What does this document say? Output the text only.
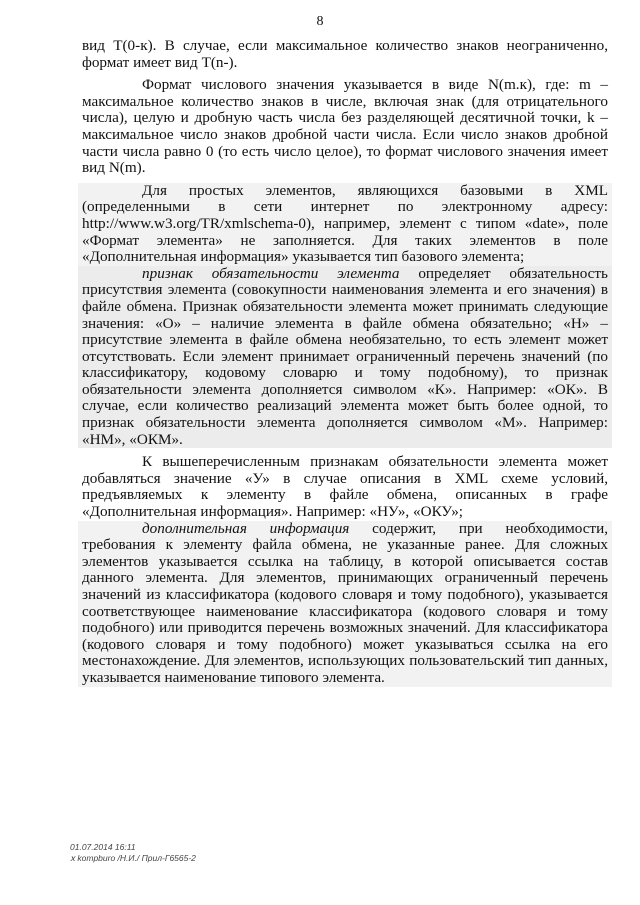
8

вид T(0-к). В случае, если максимальное количество знаков неограниченно, формат имеет вид T(n-).

Формат числового значения указывается в виде N(m.к), где: m – максимальное количество знаков в числе, включая знак (для отрицательного числа), целую и дробную часть числа без разделяющей десятичной точки, k – максимальное число знаков дробной части числа. Если число знаков дробной части числа равно 0 (то есть число целое), то формат числового значения имеет вид N(m).

Для простых элементов, являющихся базовыми в XML (определенными в сети интернет по электронному адресу: http://www.w3.org/TR/xmlschema-0), например, элемент с типом «date», поле «Формат элемента» не заполняется. Для таких элементов в поле «Дополнительная информация» указывается тип базового элемента;

признак обязательности элемента определяет обязательность присутствия элемента (совокупности наименования элемента и его значения) в файле обмена. Признак обязательности элемента может принимать следующие значения: «О» – наличие элемента в файле обмена обязательно; «Н» – присутствие элемента в файле обмена необязательно, то есть элемент может отсутствовать. Если элемент принимает ограниченный перечень значений (по классификатору, кодовому словарю и тому подобному), то признак обязательности элемента дополняется символом «К». Например: «ОК». В случае, если количество реализаций элемента может быть более одной, то признак обязательности элемента дополняется символом «М». Например: «НМ», «ОКМ».

К вышеперечисленным признакам обязательности элемента может добавляться значение «У» в случае описания в XML схеме условий, предъявляемых к элементу в файле обмена, описанных в графе «Дополнительная информация». Например: «НУ», «ОКУ»;

дополнительная информация содержит, при необходимости, требования к элементу файла обмена, не указанные ранее. Для сложных элементов указывается ссылка на таблицу, в которой описывается состав данного элемента. Для элементов, принимающих ограниченный перечень значений из классификатора (кодового словаря и тому подобного), указывается соответствующее наименование классификатора (кодового словаря и тому подобного) или приводится перечень возможных значений. Для классификатора (кодового словаря и тому подобного) может указываться ссылка на его местонахождение. Для элементов, использующих пользовательский тип данных, указывается наименование типового элемента.

01.07.2014 16:11
ⅹ kompburo /Н.И./ Прил-Г6565-2
